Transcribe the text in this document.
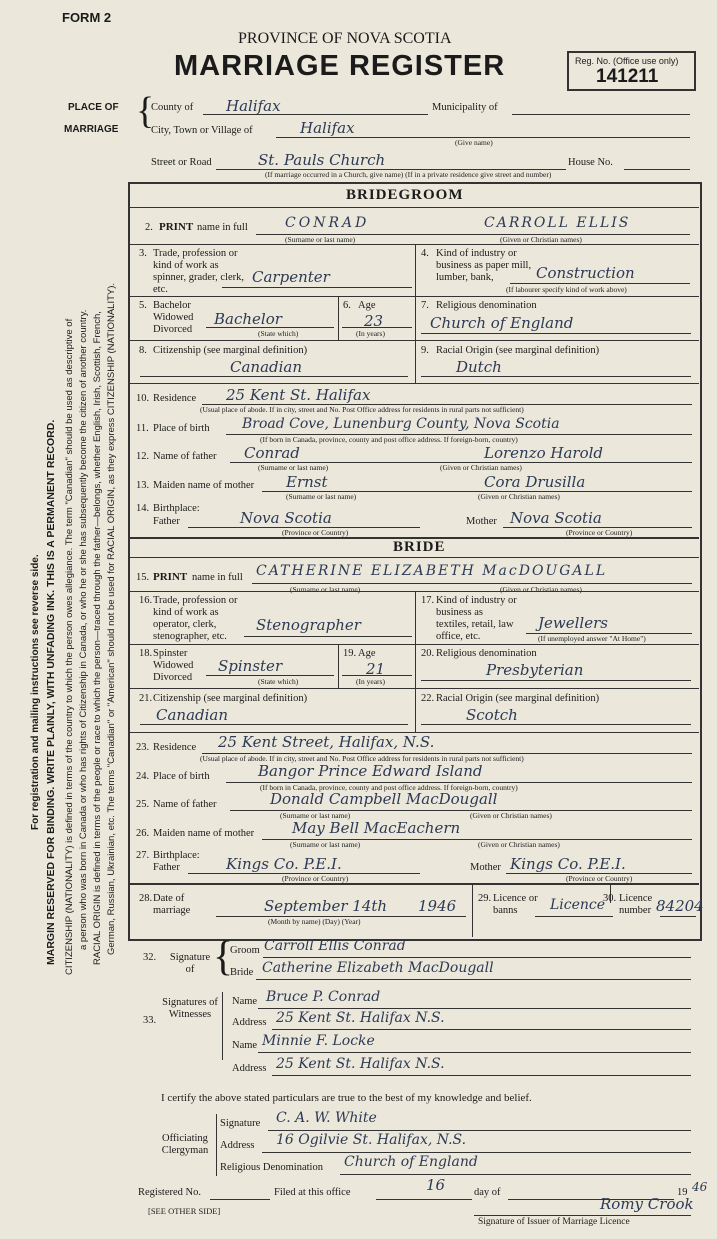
For registration and mailing instructions see reverse side. MARGIN RESERVED FOR BINDING. WRITE PLAINLY, WITH UNFADING INK. THIS IS A PERMANENT RECORD. CITIZENSHIP (NATIONALITY) is defined in terms of the country to which the person owes allegiance. The term "Canadian" should be used as descriptive of a person who was born in Canada or who has rights of Citizenship in Canada, or who he or she has subsequently become the citizen of another country. RACIAL ORIGIN is defined in terms of the people or race to which the person—traced through the father—belongs, whether English, Irish, Scottish, French, German, Russian, Ukrainian, etc. The terms "Canadian" or "American" should not be used for RACIAL ORIGIN, as they express CITIZENSHIP (NATIONALITY).
FORM 2
PROVINCE OF NOVA SCOTIA
MARRIAGE REGISTER	Reg. No. (Office use only)
141211
PLACE OF
MARRIAGE {
County of Halifax	Municipality of
City, Town or Village of	Halifax
(Give name)
Street or Road	St. Pauls Church	House No.
(If marriage occurred in a Church, give name) (If in a private residence give street and number)
BRIDEGROOM
2. PRINT name in full	CONRAD	CARROLL ELLIS
(Surname or last name)	(Given or Christian names)
3. Trade, profession or kind of work as spinner, grader, clerk, etc.
Carpenter
4. Kind of industry or business as paper mill, lumber, bank,	Construction
(If labourer specify kind of work above)
5. Bachelor Widowed Divorced
Bachelor
(State which)
6. Age
23
(In years)
7. Religious denomination
Church of England
8. Citizenship (see marginal definition)
Canadian
9. Racial Origin (see marginal definition)
Dutch
10. Residence 25 Kent St. Halifax
(Usual place of abode. If in city, street and No. Post Office address for residents in rural parts not sufficient)
11. Place of birth Broad Cove, Lunenburg County, Nova Scotia
(If born in Canada, province, county and post office address. If foreign-born, country)
12. Name of father Conrad	Lorenzo Harold
(Surname or last name)	(Given or Christian names)
13. Maiden name of mother Ernst	Cora Drusilla
(Surname or last name)	(Given or Christian names)
14. Birthplace:
Father	Nova Scotia	Mother Nova Scotia
(Province or Country)	(Province or Country)
BRIDE
15. PRINT name in full CATHERINE ELIZABETH MacDOUGALL
(Surname or last name)	(Given or Christian names)
16. Trade, profession or kind of work as operator, clerk, stenographer, etc.
Stenographer
17. Kind of industry or business as textiles, retail, law office, etc.
Jewellers
(If unemployed answer "At Home")
18. Spinster Widowed Divorced
Spinster
(State which)
19. Age
21
(In years)
20. Religious denomination
Presbyterian
21. Citizenship (see marginal definition)
Canadian
22. Racial Origin (see marginal definition)
Scotch
23. Residence 25 Kent Street, Halifax, N.S.
(Usual place of abode. If in city, street and No. Post Office address for residents in rural parts not sufficient)
24. Place of birth	Bangor Prince Edward Island
(If born in Canada, province, county and post office address. If foreign-born, country)
25. Name of father	Donald Campbell MacDougall
(Surname or last name)	(Given or Christian names)
26. Maiden name of mother	May Bell MacEachern
(Surname or last name)	(Given or Christian names)
27. Birthplace:
Father	Kings Co. P.E.I.	Mother Kings Co. P.E.I.
(Province or Country)	(Province or Country)
28. Date of marriage	September 14th 1946
(Month by name) (Day) (Year)
29. Licence or banns	Licence
30. Licence number 84204
32.	Signature of {
Groom Carroll Ellis Conrad
Bride Catherine Elizabeth MacDougall
33.
Signatures of Witnesses
Name Bruce P. Conrad
Address 25 Kent St. Halifax N.S.
Name Minnie F. Locke
Address 25 Kent St. Halifax N.S.
I certify the above stated particulars are true to the best of my knowledge and belief.
Officiating Clergyman
Signature C. A. W. White
Address 16 Ogilvie St. Halifax, N.S.
Religious Denomination Church of England
Registered No.	Filed at this office	16	day of	19 46
Romy Crook
Signature of Issuer of Marriage Licence
[SEE OTHER SIDE]
